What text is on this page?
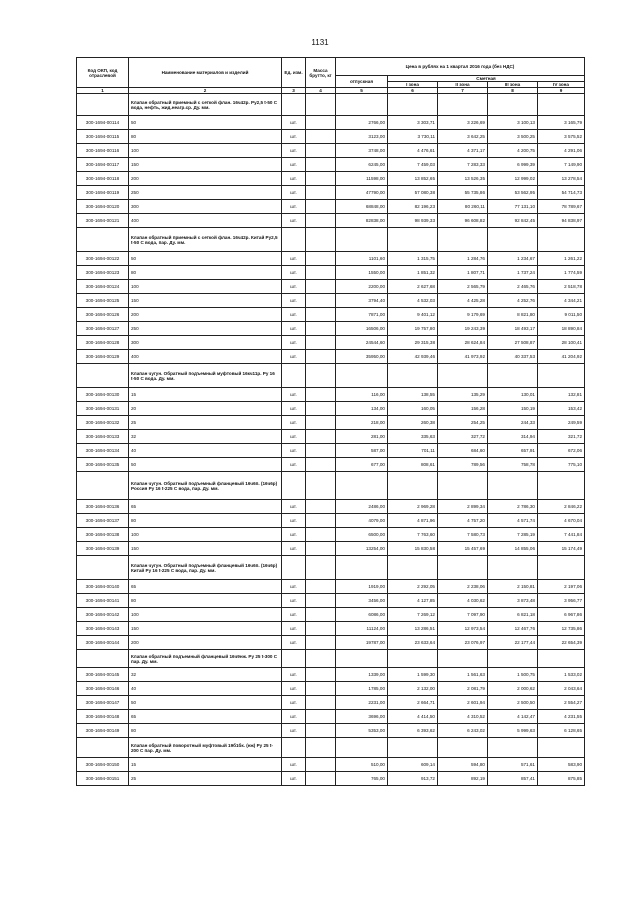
1131
Код ОКП, код отраслевой	Наименование материалов и изделий	Ед. изм.	Масса брутто, кг	Цена в рублях на 1 квартал 2016 года (без НДС)				
				отпускная	Сметная			
					I зона	II зона	III зона	IV зона

1	2	3	4	5	6	7	8	9
	Клапан обратный приемный с сеткой флан. 16ч42р. Ру2,5 t-50 С вода, нефть, жид.неагр.ср. Ду. мм.							
300-1694-00114	50	шт.		2766,00	3 303,71	3 226,69	3 100,13	3 165,79
300-1694-00115	80	шт.		3123,00	3 730,11	3 642,25	3 500,25	3 575,52
300-1694-00116	100	шт.		3748,00	4 476,61	4 371,17	4 200,75	4 291,06
300-1694-00117	150	шт.		6245,00	7 459,03	7 283,33	6 999,39	7 149,90
300-1694-00118	200	шт.		11598,00	13 852,65	13 526,35	12 999,02	13 278,54
300-1694-00119	250	шт.		47790,00	57 080,38	55 735,86	53 562,95	54 714,73
300-1694-00120	300	шт.		68848,00	82 196,23	80 260,11	77 131,10	78 789,67
300-1694-00121	400	шт.		82838,00	98 939,33	96 608,82	92 842,45	94 838,97
	Клапан обратный приемный с сеткой флан. 16ч42р. Китай Ру2,5 t-50 С вода, пар. Ду. мм.							
300-1694-00122	50	шт.		1101,60	1 315,75	1 284,76	1 234,67	1 261,22
300-1694-00123	80	шт.		1550,00	1 851,32	1 807,71	1 737,24	1 774,59
300-1694-00124	100	шт.		2200,00	2 627,68	2 565,79	2 465,76	2 518,78
300-1694-00125	150	шт.		3794,40	4 532,03	4 425,28	4 252,76	4 344,21
300-1694-00126	200	шт.		7871,00	9 401,12	9 179,69	8 821,80	9 011,50
300-1694-00127	250	шт.		16506,00	19 757,80	19 243,39	18 493,17	18 890,84
300-1694-00128	300	шт.		24544,60	29 315,38	28 624,84	27 508,87	28 100,41
300-1694-00129	400	шт.		35950,00	42 939,46	41 973,92	40 337,53	41 204,92
	Клапан чугун. Обратный подъемный муфтовый 16кч11р. Ру 16 t-50 С вода. Ду. мм.							
300-1694-00130	15	шт.		116,00	138,55	135,29	130,01	132,81
300-1694-00131	20	шт.		134,00	160,05	156,28	150,19	153,42
300-1694-00132	25	шт.		218,00	260,38	254,25	244,33	249,59
300-1694-00133	32	шт.		281,00	335,63	327,72	314,94	321,72
300-1694-00134	40	шт.		587,00	701,11	684,60	657,91	672,06
300-1694-00135	50	шт.		677,00	808,61	789,56	758,78	775,10
	Клапан чугун. Обратный подъемный фланцевый 16ч6п. (16ч6р) Россия Ру 16 t-225 С вода, пар. Ду. мм.							
300-1694-00136	65	шт.		2486,00	2 969,28	2 899,34	2 786,30	2 846,22
300-1694-00137	80	шт.		4079,00	4 871,96	4 757,20	4 571,74	4 670,04
300-1694-00138	100	шт.		6500,00	7 763,60	7 580,73	7 285,19	7 441,84
300-1694-00139	150	шт.		13254,00	15 830,58	15 457,69	14 855,06	15 174,49
	Клапан чугун. Обратный подъемный фланцевый 16ч6п. (16ч6р) Китай Ру 16 t-225 С вода, пар. Ду. мм.							
300-1694-00140	65	шт.		1919,00	2 292,05	2 238,06	2 150,81	2 197,06
300-1694-00141	80	шт.		3456,00	4 127,85	4 030,62	3 873,48	3 956,77
300-1694-00142	100	шт.		6086,00	7 269,12	7 097,90	6 821,18	6 967,86
300-1694-00143	150	шт.		11124,00	13 286,51	12 973,54	12 467,76	12 735,86
300-1694-00144	200	шт.		19787,00	23 633,64	23 076,97	22 177,44	22 654,39
	Клапан обратный подъемный фланцевый 16ч9нж. Ру 25 t-300 С пар. Ду. мм.							
300-1694-00145	32	шт.		1339,00	1 599,30	1 561,63	1 500,75	1 533,02
300-1694-00146	40	шт.		1785,00	2 132,00	2 081,79	2 000,62	2 043,64
300-1694-00147	50	шт.		2231,00	2 664,71	2 601,94	2 500,50	2 554,27
300-1694-00148	65	шт.		3696,00	4 414,50	4 310,52	4 142,47	4 231,55
300-1694-00149	80	шт.		5353,00	6 393,62	6 243,02	5 999,63	6 128,65
	Клапан обратный поворотный муфтовый 19б1бк. (нж) Ру 25 t-200 С пар. Ду. мм.							
300-1694-00150	15	шт.		510,00	609,14	594,80	571,61	583,90
300-1694-00151	25	шт.		765,00	913,72	892,19	857,41	875,85
